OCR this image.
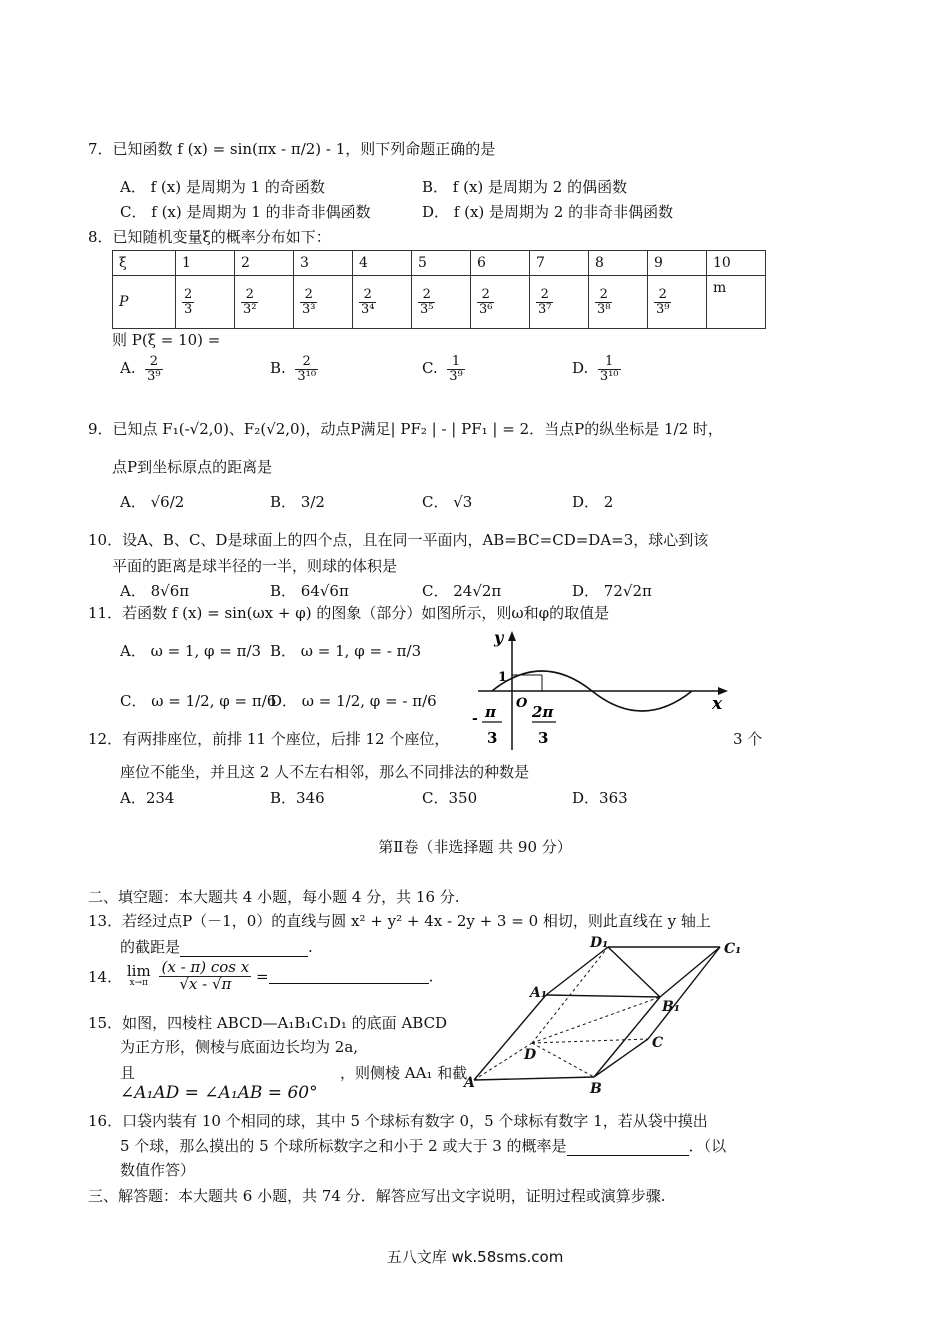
7．已知函数 f (x) = sin(πx - π/2) - 1，则下列命题正确的是
A． f (x) 是周期为 1 的奇函数	B． f (x) 是周期为 2 的偶函数
C． f (x) 是周期为 1 的非奇非偶函数	D． f (x) 是周期为 2 的非奇非偶函数
8．已知随机变量ξ的概率分布如下：
ξ	1	2	3	4	5	6	7	8	9	10
P	$\frac{2}{3}$	$\frac{2}{\text{3²}}$	$\frac{2}{\text{3³}}$	$\frac{2}{\text{3⁴}}$	$\frac{2}{\text{3⁵}}$	$\frac{2}{\text{3⁶}}$	$\frac{2}{\text{3⁷}}$	$\frac{2}{\text{3⁸}}$	$\frac{2}{\text{3⁹}}$	m
则 P(ξ = 10) =
A. $\frac{2}{\text{3⁹}}$	B. $\frac{2}{\text{3¹⁰}}$	C. $\frac{1}{\text{3⁹}}$	D. $\frac{1}{\text{3¹⁰}}$
9．已知点 F₁(-√2,0)、F₂(√2,0)，动点P满足| PF₂ | - | PF₁ | = 2．当点P的纵坐标是 1/2 时，
点P到坐标原点的距离是
A． √6/2	B． 3/2	C． √3	D． 2
10．设A、B、C、D是球面上的四个点，且在同一平面内，AB=BC=CD=DA=3，球心到该
平面的距离是球半径的一半，则球的体积是
A． 8√6π	B． 64√6π	C． 24√2π	D． 72√2π
11．若函数 f (x) = sin(ωx + φ) 的图象（部分）如图所示，则ω和φ的取值是
A． ω = 1, φ = π/3 B． ω = 1, φ = - π/3
C． ω = 1/2, φ = π/6
D． ω = 1/2, φ = - π/6
y
x
1
O
- π
3
2π
3
12．有两排座位，前排 11 个座位，后排 12 个座位，	3 个
座位不能坐，并且这 2 人不左右相邻，那么不同排法的种数是
A．234	B．346	C．350	D．363
第Ⅱ卷（非选择题 共 90 分）
二、填空题：本大题共 4 小题，每小题 4 分，共 16 分.
13．若经过点P（－1，0）的直线与圆 x² + y² + 4x - 2y + 3 = 0 相切，则此直线在 y 轴上
的截距是	.
14． lim
x→π
$\frac{\text{(x - π) cos x}}{√x - √\pi}$ =	.
15．如图，四棱柱 ABCD—A₁B₁C₁D₁ 的底面 ABCD
为正方形，侧棱与底面边长均为 2a,
且
∠A₁AD = ∠A₁AB = 60°
，则侧棱 AA₁ 和截
D₁	C₁
A₁
B₁
D
C
A	B
16．口袋内装有 10 个相同的球，其中 5 个球标有数字 0，5 个球标有数字 1，若从袋中摸出
5 个球，那么摸出的 5 个球所标数字之和小于 2 或大于 3 的概率是	．（以
数值作答）
三、解答题：本大题共 6 小题，共 74 分．解答应写出文字说明，证明过程或演算步骤.
五八文库 wk.58sms.com
